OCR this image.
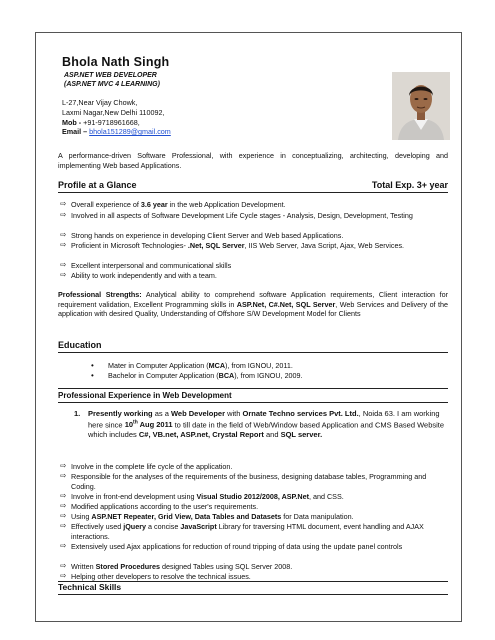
Bhola Nath Singh
ASP.NET WEB DEVELOPER
(ASP.NET MVC 4 LEARNING)
L-27,Near Vijay Chowk,
Laxmi Nagar,New Delhi 110092,
Mob - +91-9718961668,
Email – bhola151289@gmail.com
A performance-driven Software Professional, with experience in conceptualizing, architecting, developing and implementing Web based Applications.
Profile at a Glance	Total Exp. 3+ year
⇨ Overall experience of 3.6 year in the web Application Development.
⇨ Involved in all aspects of Software Development Life Cycle stages - Analysis, Design, Development, Testing
⇨ Strong hands on experience in developing Client Server and Web based Applications.
⇨ Proficient in Microsoft Technologies- .Net, SQL Server, IIS Web Server, Java Script, Ajax, Web Services.
⇨ Excellent interpersonal and communicational skills
⇨ Ability to work independently and with a team.
Professional Strengths: Analytical ability to comprehend software Application requirements, Client interaction for requirement validation, Excellent Programming skills in ASP.Net, C#.Net, SQL Server, Web Services and Delivery of the application with desired Quality, Understanding of Offshore S/W Development Model for Clients
Education
• Mater in Computer Application (MCA), from IGNOU, 2011.
• Bachelor in Computer Application (BCA), from IGNOU, 2009.
Professional Experience in Web Development
1. Presently working as a Web Developer with Ornate Techno services Pvt. Ltd., Noida 63. I am working here since 10th Aug 2011 to till date in the field of Web/Window based Application and CMS Based Website which includes C#, VB.net, ASP.net, Crystal Report and SQL server.
⇨ Involve in the complete life cycle of the application.
⇨ Responsible for the analyses of the requirements of the business, designing database tables, Programming and Coding.
⇨ Involve in front-end development using Visual Studio 2012/2008, ASP.Net, and CSS.
⇨ Modified applications according to the user's requirements.
⇨ Using ASP.NET Repeater, Grid View, Data Tables and Datasets for Data manipulation.
⇨ Effectively used jQuery a concise JavaScript Library for traversing HTML document, event handling and AJAX interactions.
⇨ Extensively used Ajax applications for reduction of round tripping of data using the update panel controls
⇨ Written Stored Procedures designed Tables using SQL Server 2008.
⇨ Helping other developers to resolve the technical issues.
Technical Skills
